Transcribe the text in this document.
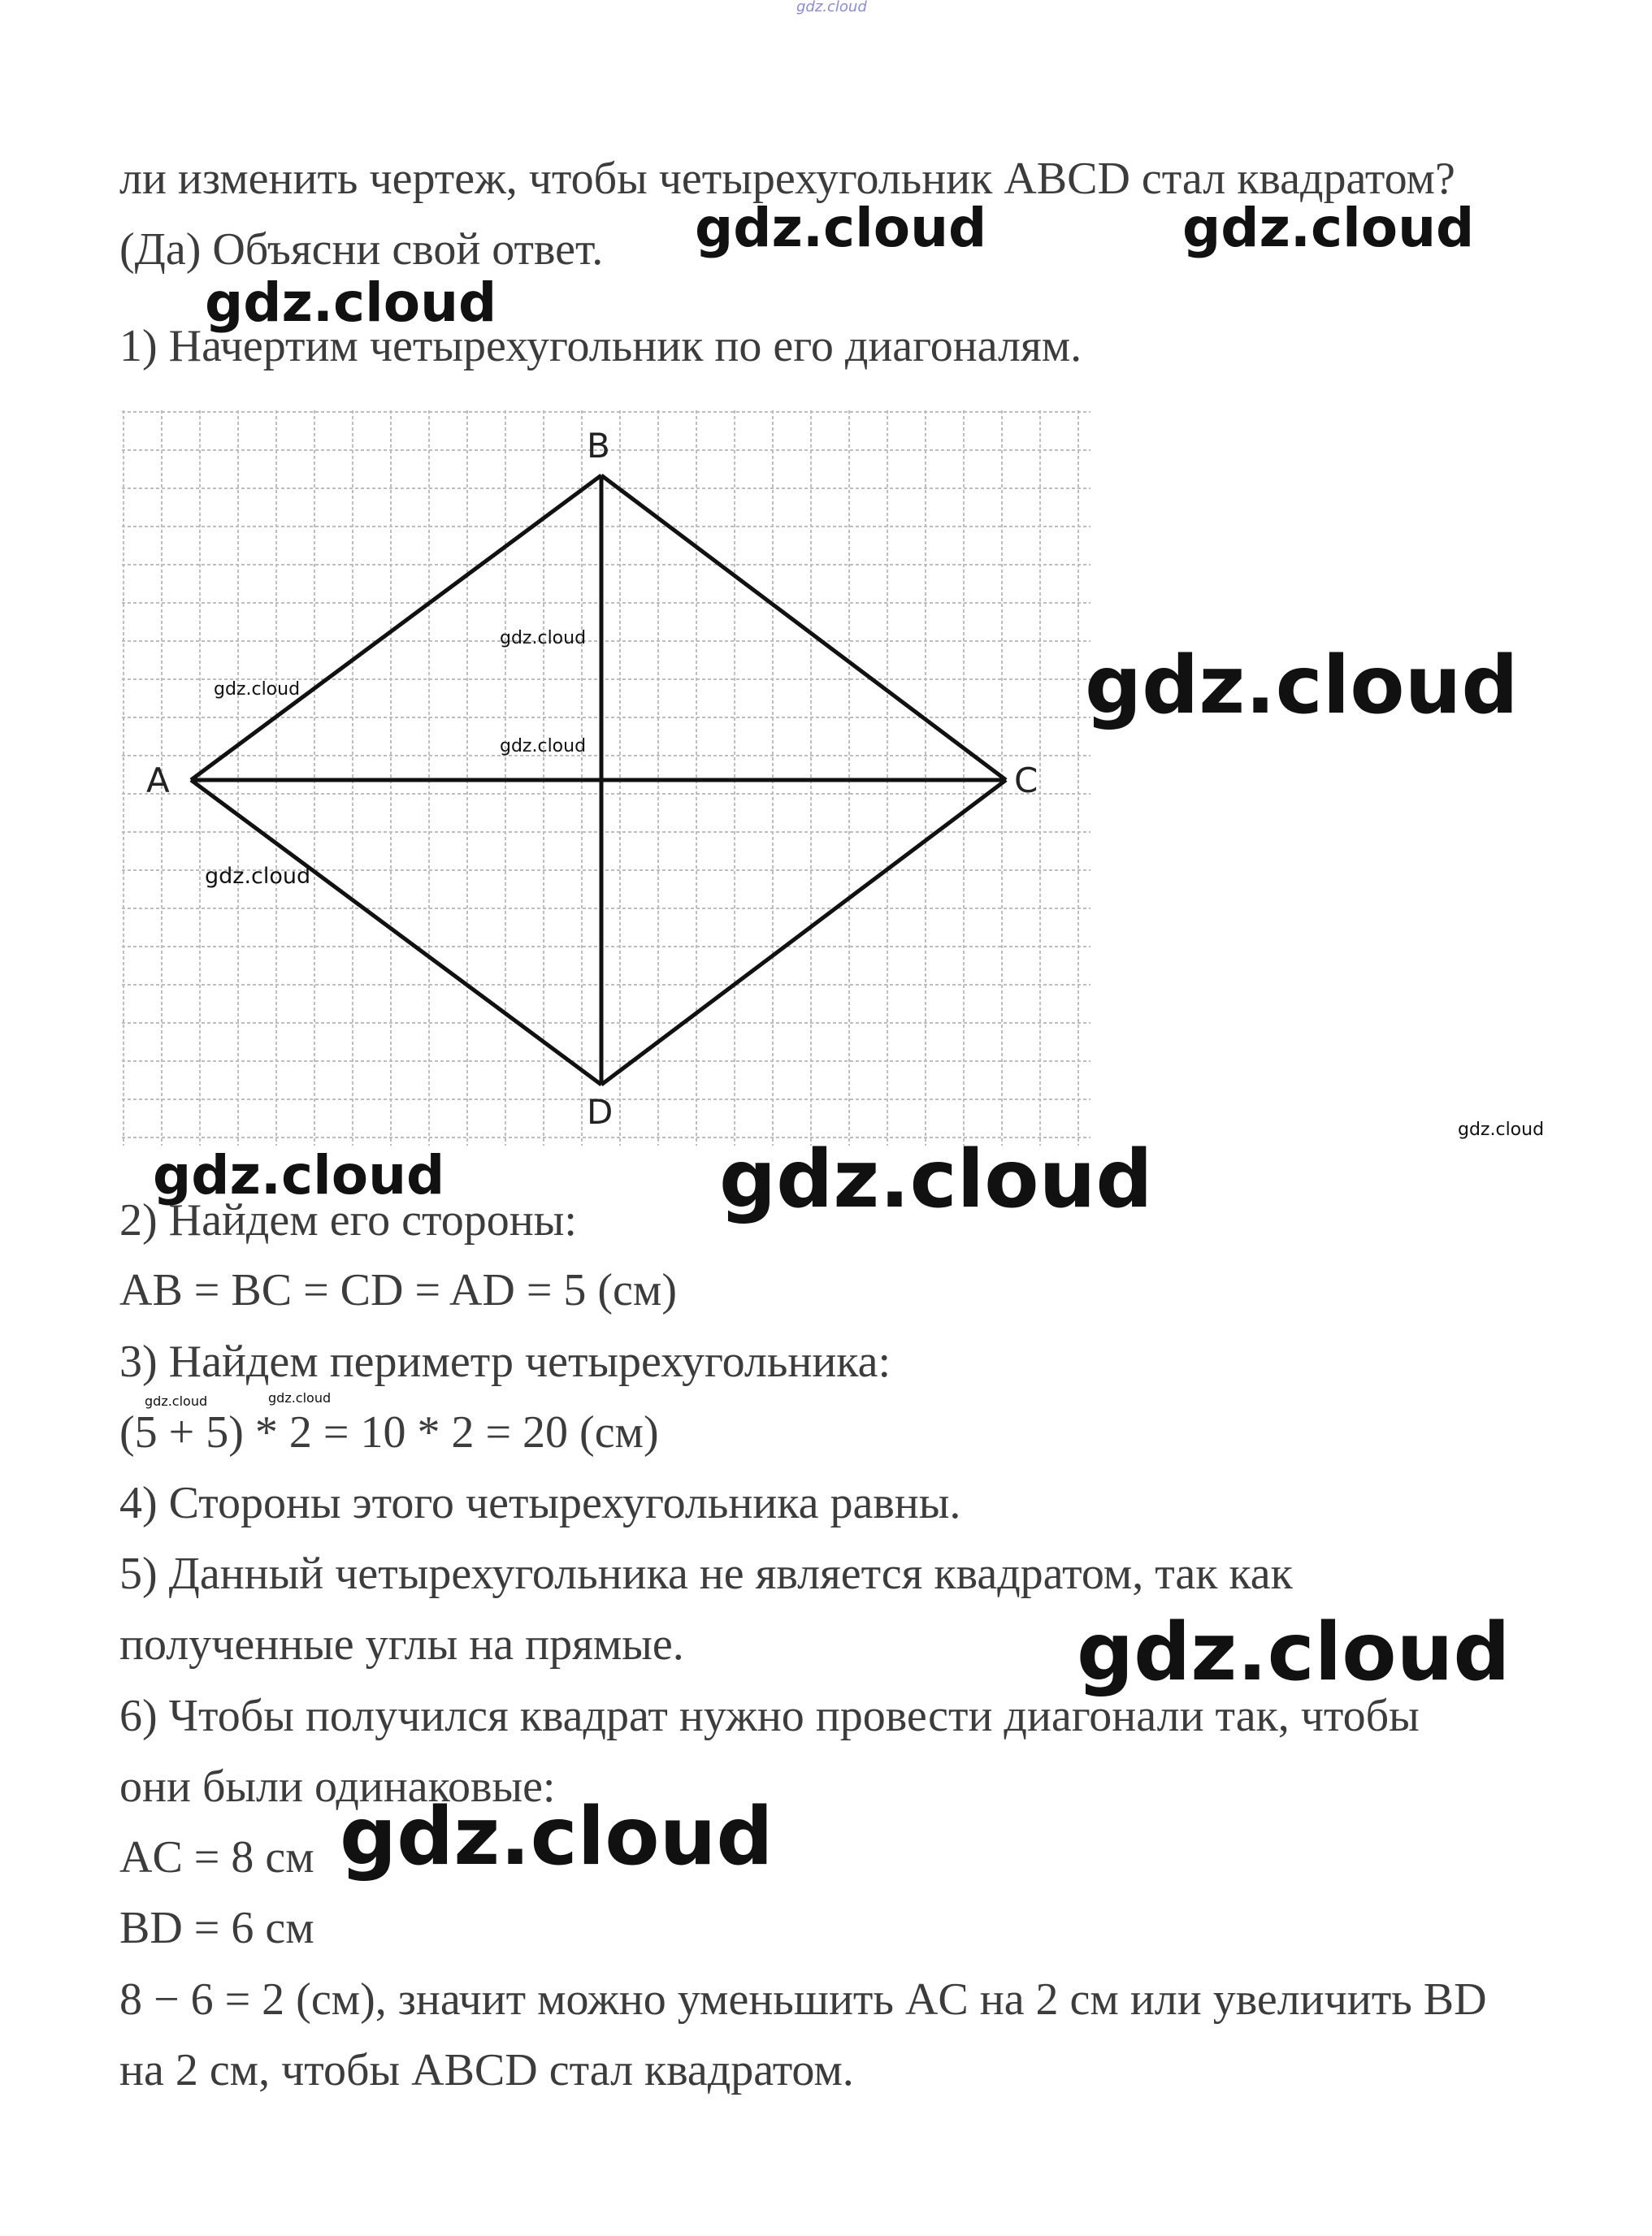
gdz.cloud
ли изменить чертеж, чтобы четырехугольник ABCD стал квадратом?
(Да) Объясни свой ответ.
1) Начертим четырехугольник по его диагоналям.
B
A	C
D
gdz.cloud
gdz.cloud
gdz.cloud
gdz.cloud
2) Найдем его стороны:
AB = BC = CD = AD = 5 (см)
3) Найдем периметр четырехугольника:
(5 + 5) * 2 = 10 * 2 = 20 (см)
4) Стороны этого четырехугольника равны.
5) Данный четырехугольника не является квадратом, так как
полученные углы на прямые.
6) Чтобы получился квадрат нужно провести диагонали так, чтобы
они были одинаковые:
AC = 8 см
BD = 6 см
8 − 6 = 2 (см), значит можно уменьшить AC на 2 см или увеличить BD
на 2 см, чтобы ABCD стал квадратом.
gdz.cloud	gdz.cloud
gdz.cloud
gdz.cloud
gdz.cloud
gdz.cloud	gdz.cloud
gdz.cloud	gdz.cloud
gdz.cloud
gdz.cloud
